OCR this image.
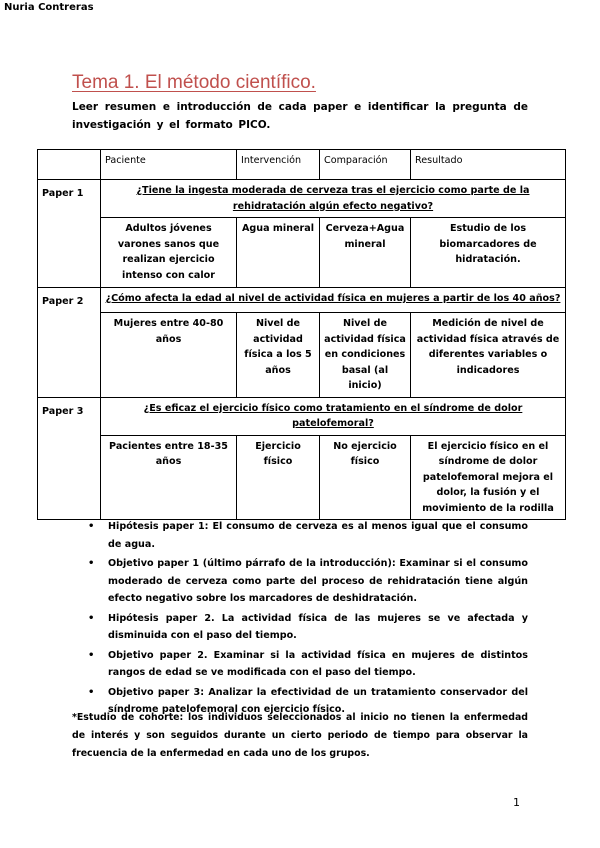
Nuria Contreras
Tema 1. El método científico.
Leer resumen e introducción de cada paper e identificar la pregunta de investigación y el formato PICO.
	Paciente	Intervención	Comparación	Resultado
Paper 1	¿Tiene la ingesta moderada de cerveza tras el ejercicio como parte de la rehidratación algún efecto negativo?			
	Adultos jóvenes varones sanos que realizan ejercicio intenso con calor	Agua mineral	Cerveza+Agua mineral	Estudio de los biomarcadores de hidratación.
Paper 2	¿Cómo afecta la edad al nivel de actividad física en mujeres a partir de los 40 años?			
	Mujeres entre 40-80 años	Nivel de actividad física a los 5 años	Nivel de actividad física en condiciones basal (al inicio)	Medición de nivel de actividad física através de diferentes variables o indicadores
Paper 3	¿Es eficaz el ejercicio físico como tratamiento en el síndrome de dolor patelofemoral?			
	Pacientes entre 18-35 años	Ejercicio físico	No ejercicio físico	El ejercicio físico en el síndrome de dolor patelofemoral mejora el dolor, la fusión y el movimiento de la rodilla
• Hipótesis paper 1: El consumo de cerveza es al menos igual que el consumo de agua.
• Objetivo paper 1 (último párrafo de la introducción): Examinar si el consumo moderado de cerveza como parte del proceso de rehidratación tiene algún efecto negativo sobre los marcadores de deshidratación.
• Hipótesis paper 2. La actividad física de las mujeres se ve afectada y disminuida con el paso del tiempo.
• Objetivo paper 2. Examinar si la actividad física en mujeres de distintos rangos de edad se ve modificada con el paso del tiempo.
• Objetivo paper 3: Analizar la efectividad de un tratamiento conservador del síndrome patelofemoral con ejercicio físico.
*Estudio de cohorte: los individuos seleccionados al inicio no tienen la enfermedad de interés y son seguidos durante un cierto periodo de tiempo para observar la frecuencia de la enfermedad en cada uno de los grupos.
1
